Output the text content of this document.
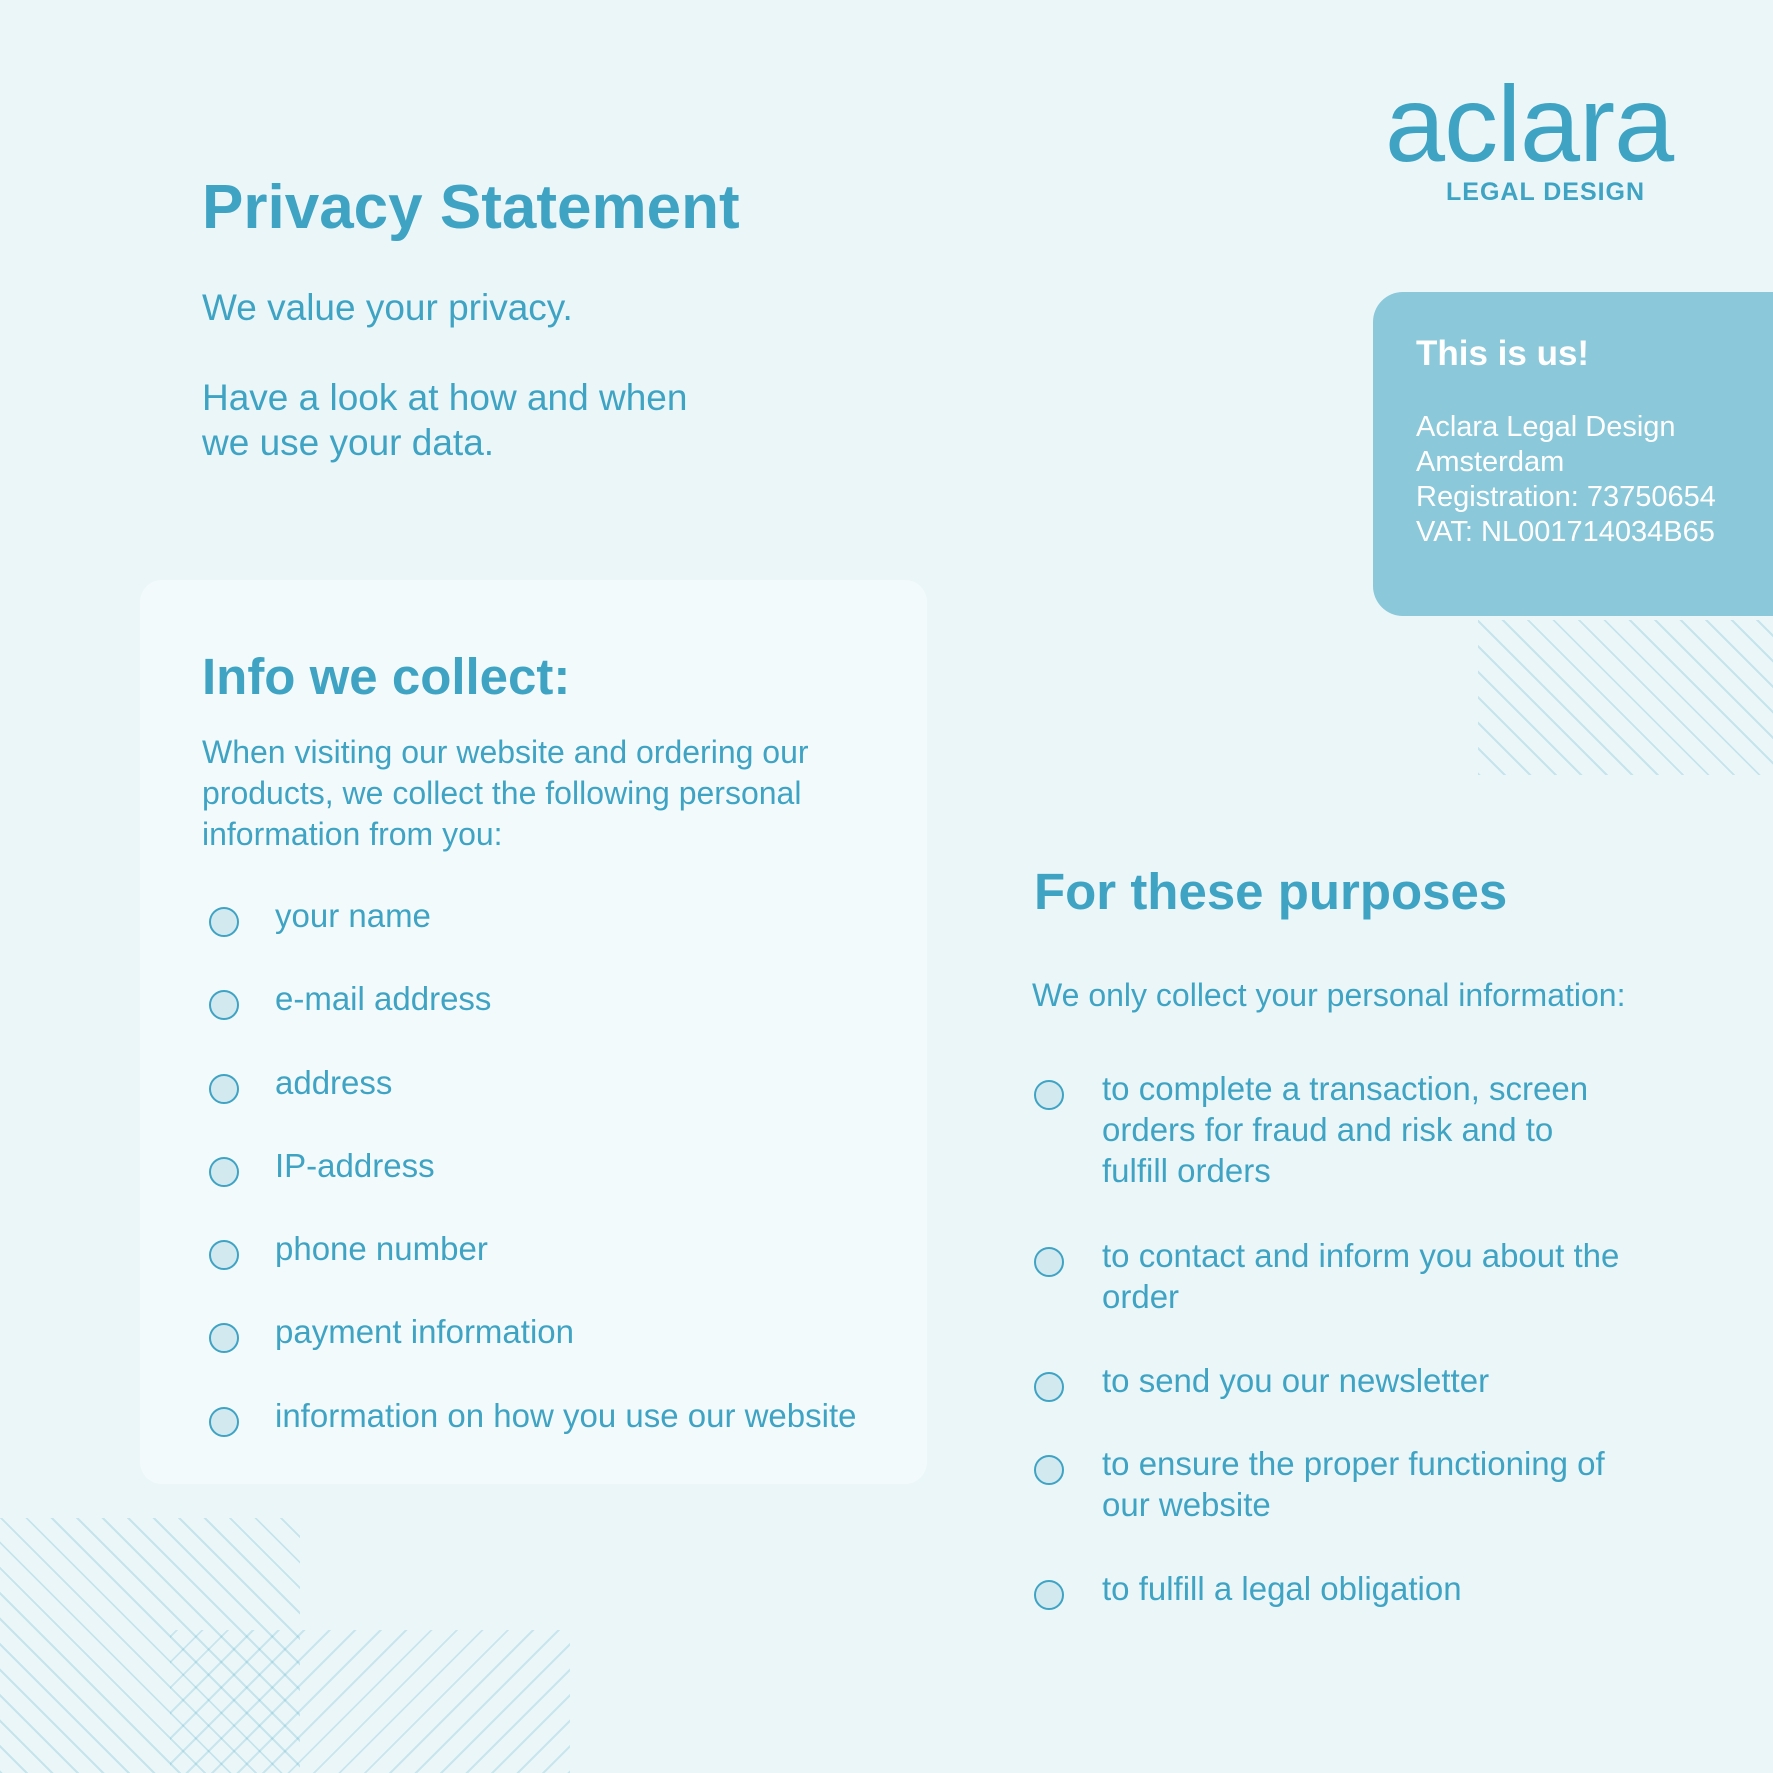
aclara
LEGAL DESIGN
Privacy Statement

We value your privacy.

Have a look at how and when
we use your data.

This is us!
Aclara Legal Design
Amsterdam
Registration: 73750654
VAT: NL001714034B65
Info we collect:
When visiting our website and ordering our products, we collect the following personal information from you:
your name
e-mail address
address
IP-address
phone number
payment information
information on how you use our website
For these purposes
We only collect your personal information:
to complete a transaction, screen orders for fraud and risk and to fulfill orders
to contact and inform you about the order
to send you our newsletter
to ensure the proper functioning of our website
to fulfill a legal obligation
